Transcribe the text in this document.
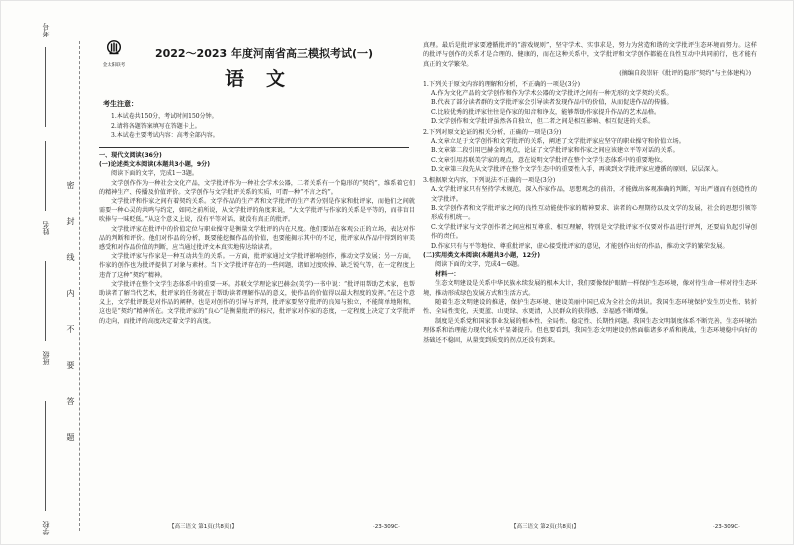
考号
姓名
班级
学校
密
封
线
内
不
要
答
题
金太阳联考
2022～2023 年度河南省高三模拟考试(一)
语文
考生注意：
1.本试卷共150分，考试时间150分钟。
2.请将各题答案填写在答题卡上。
3.本试卷主要考试内容：高考全部内容。
一、现代文阅读(36分)
(一)论述类文本阅读(本题共3小题，9分)
阅读下面的文字，完成1～3题。
文学创作作为一种社会文化产品，文学批评作为一种社会学术公器，二者关系有一个隐形的“契约”，维系着它们的精神生产、传播及价值评价。文学创作与文学批评关系的实质，可谓一种“不言之约”。
文学批评和作家之间有着契约关系。文学作品的生产者和文学批评的生产者分别是作家和批评家，而他们之间就需要一种心灵的共鸣与约定，如同之前所说，从文学批评的角度来说，“大文学批评与作家的关系是平等的，而非盲目吹捧与一味贬低。”从这个意义上说，没有平等对话，就没有真正的批评。
文学批评家在批评中的价值定位与职业操守是衡量文学批评的内在尺度。他们要站在客观公正的立场，表达对作品的判断和评价。他们对作品的分析，既要能挖掘作品的价值，也要能揭示其中的不足，批评家从作品中得到的审美感受和对作品价值的判断，应当通过批评文本真实地传达给读者。
文学批评家与作家是一种互动共生的关系。一方面，批评家通过文学批评影响创作，推动文学发展；另一方面，作家的创作也为批评提供了对象与素材。当下文学批评存在的一些问题，诸如过度吹捧、缺乏锐气等，在一定程度上违背了这种“契约”精神。
文学批评在整个文学生态体系中的重要一环。苏联文学理论家巴赫金(美学)一书中说：“批评用帮助艺术家，也帮助读者了解当代艺术，批评家的任务就在于帮助读者理解作品的意义，使作品的价值得以最大程度的发挥。”在这个意义上，文学批评既是对作品的阐释，也是对创作的引导与评判，批评家要坚守批评的良知与独立，不能简单地附和，这也是“契约”精神所在。文学批评家的“良心”是衡量批评的标尺，批评家对作家的态度，一定程度上决定了文学批评的走向，而批评的高度决定着文学的高度。
【高三语文 第1页(共8页)】	·23-309C·
真理。最后是批评家要遵循批评的“游戏规则”，坚守学术、实事求是，努力为营造和谐的文学批评生态环境而努力。这样的批评与创作的关系才是合理的、健康的，而在这种关系中，文学批评和文学创作都能在良性互动中共同前行，也才能有真正的文学繁荣。
(摘编自段崇轩《批评的隐形“契约”与主体建构》)
1.下列关于原文内容的理解和分析，不正确的一项是(3分)
A.作为文化产品的文学创作和作为学术公器的文学批评之间有一种无形的文学契约关系。
B.代表了部分读者群的文学批评家会引导读者发现作品中的价值，从而促进作品的传播。
C.比较优秀的批评家往往是作家的知音和诤友，能够帮助作家提升作品的艺术品格。
D.文学创作和文学批评虽然各自独立，但二者之间是相互影响、相互促进的关系。
2.下列对原文论证的相关分析，正确的一项是(3分)
A.文章立足于文学创作和文学批评的关系，阐述了文学批评家应坚守的职业操守和价值立场。
B.文章第二段引用巴赫金的观点，论证了文学批评家和作家之间应该建立平等对话的关系。
C.文章引用苏联美学家的观点，意在说明文学批评在整个文学生态体系中的重要地位。
D.文章第三段先从文学批评在整个文学生态中的重要性入手，再谈到文学批评家应遵循的原则、层层深入。
3.根据原文内容，下列说法不正确的一项是(3分)
A.文学批评家只有坚持学术规范，深入作家作品，思想观念的前沿，才能做出客观准确的判断，写出严谨而有创造性的文学批评。
B.文学创作者和文学批评家之间的良性互动能使作家的精神要求、读者的心理期待以及文学的发展，社会的思想引领等形成有机统一。
C.文学批评家与文学创作者之间应相互尊重、相互理解，特别是文学批评家不仅要对作品进行评判，还要肩负起引导创作的责任。
D.作家只有与平等地位、尊重批评家，虚心接受批评家的意见，才能创作出好的作品，推动文学的繁荣发展。
(二)实用类文本阅读(本题共3小题，12分)
阅读下面的文字，完成4～6题。
材料一：
生态文明建设是关系中华民族永续发展的根本大计，我们要像保护眼睛一样保护生态环境，像对待生命一样对待生态环境，推动形成绿色发展方式和生活方式。
随着生态文明建设的推进，保护生态环境、建设美丽中国已成为全社会的共识。我国生态环境保护发生历史性、转折性、全局性变化，天更蓝、山更绿、水更清，人民群众的获得感、幸福感不断增强。
制度是关系党和国家事业发展的根本性、全局性、稳定性、长期性问题。我国生态文明制度体系不断完善，生态环境治理体系和治理能力现代化水平显著提升。但也要看到，我国生态文明建设仍然面临诸多矛盾和挑战，生态环境稳中向好的基础还不稳固，从量变到质变的拐点还没有到来。
【高三语文 第2页(共8页)】	·23-309C·
